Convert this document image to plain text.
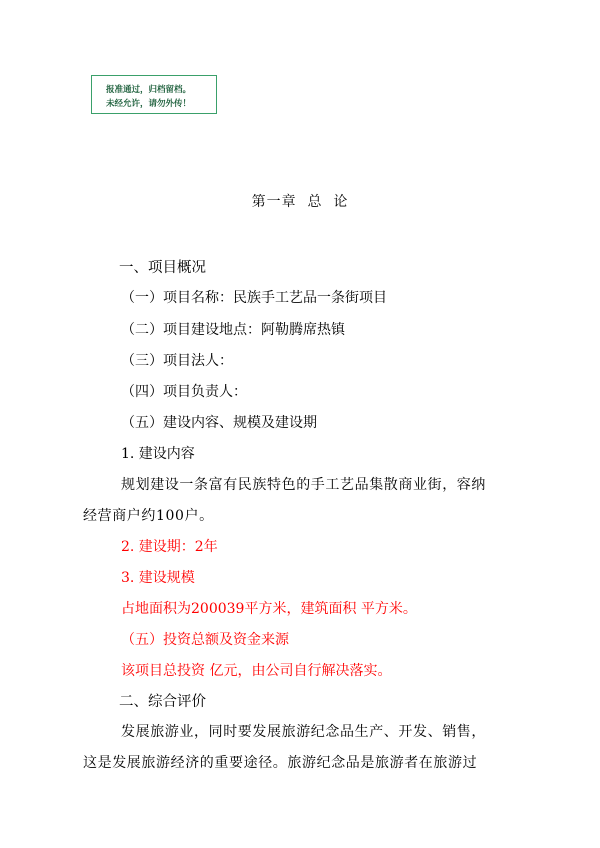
报准通过，归档留档。
未经允许，请勿外传！
第一章  总  论
一、项目概况
（一）项目名称：民族手工艺品一条街项目
（二）项目建设地点：阿勒腾席热镇
（三）项目法人：
（四）项目负责人：
（五）建设内容、规模及建设期
1. 建设内容
规划建设一条富有民族特色的手工艺品集散商业街，容纳
经营商户约100户。
2. 建设期：2年
3. 建设规模
占地面积为200039平方米，建筑面积 平方米。
（五）投资总额及资金来源
该项目总投资 亿元，由公司自行解决落实。
二、综合评价
发展旅游业，同时要发展旅游纪念品生产、开发、销售，
这是发展旅游经济的重要途径。旅游纪念品是旅游者在旅游过
